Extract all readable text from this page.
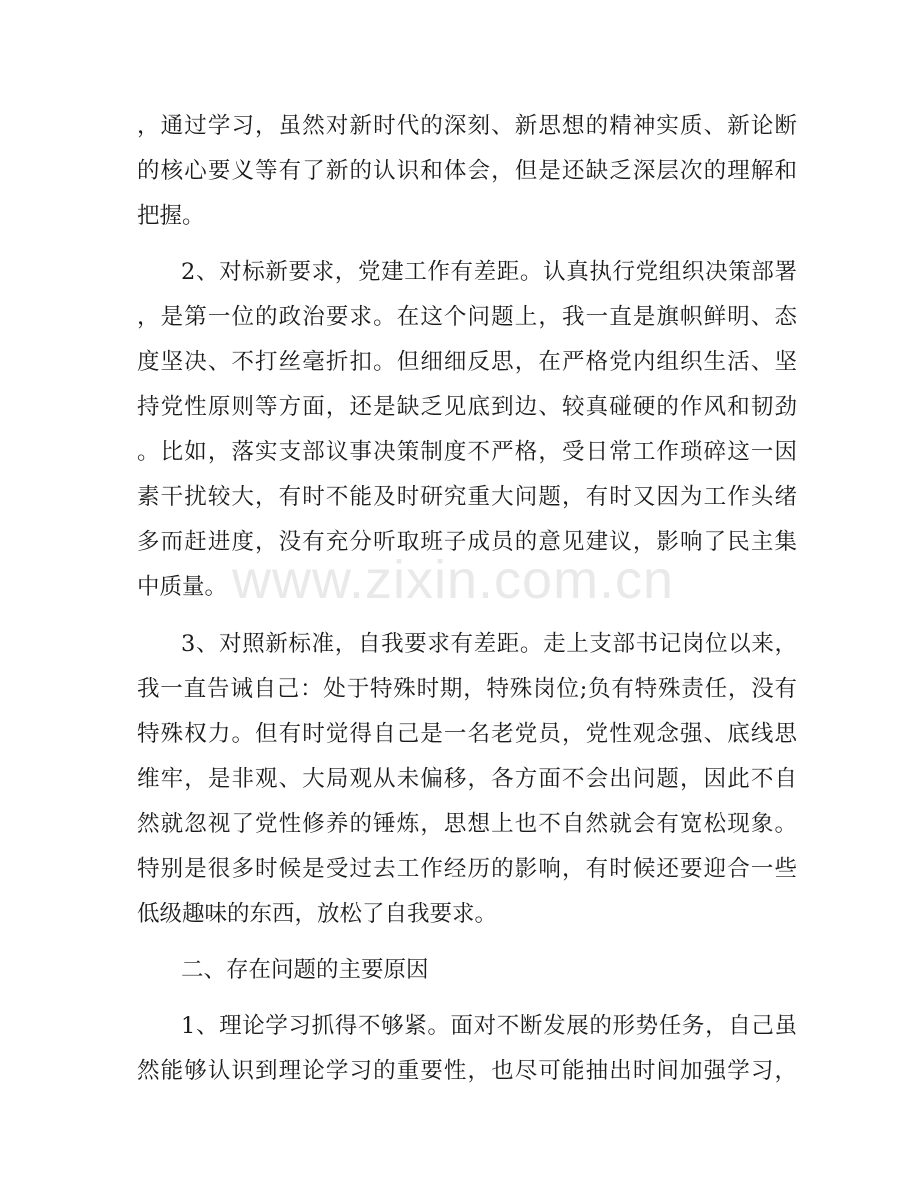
www.zixin.com.cn
，通过学习，虽然对新时代的深刻、新思想的精神实质、新论断
的核心要义等有了新的认识和体会，但是还缺乏深层次的理解和
把握。
2、对标新要求，党建工作有差距。认真执行党组织决策部署
，是第一位的政治要求。在这个问题上，我一直是旗帜鲜明、态
度坚决、不打丝毫折扣。但细细反思，在严格党内组织生活、坚
持党性原则等方面，还是缺乏见底到边、较真碰硬的作风和韧劲
。比如，落实支部议事决策制度不严格，受日常工作琐碎这一因
素干扰较大，有时不能及时研究重大问题，有时又因为工作头绪
多而赶进度，没有充分听取班子成员的意见建议，影响了民主集
中质量。
3、对照新标准，自我要求有差距。走上支部书记岗位以来，
我一直告诫自己：处于特殊时期，特殊岗位;负有特殊责任，没有
特殊权力。但有时觉得自己是一名老党员，党性观念强、底线思
维牢，是非观、大局观从未偏移，各方面不会出问题，因此不自
然就忽视了党性修养的锤炼，思想上也不自然就会有宽松现象。
特别是很多时候是受过去工作经历的影响，有时候还要迎合一些
低级趣味的东西，放松了自我要求。
二、存在问题的主要原因
1、理论学习抓得不够紧。面对不断发展的形势任务，自己虽
然能够认识到理论学习的重要性，也尽可能抽出时间加强学习，
